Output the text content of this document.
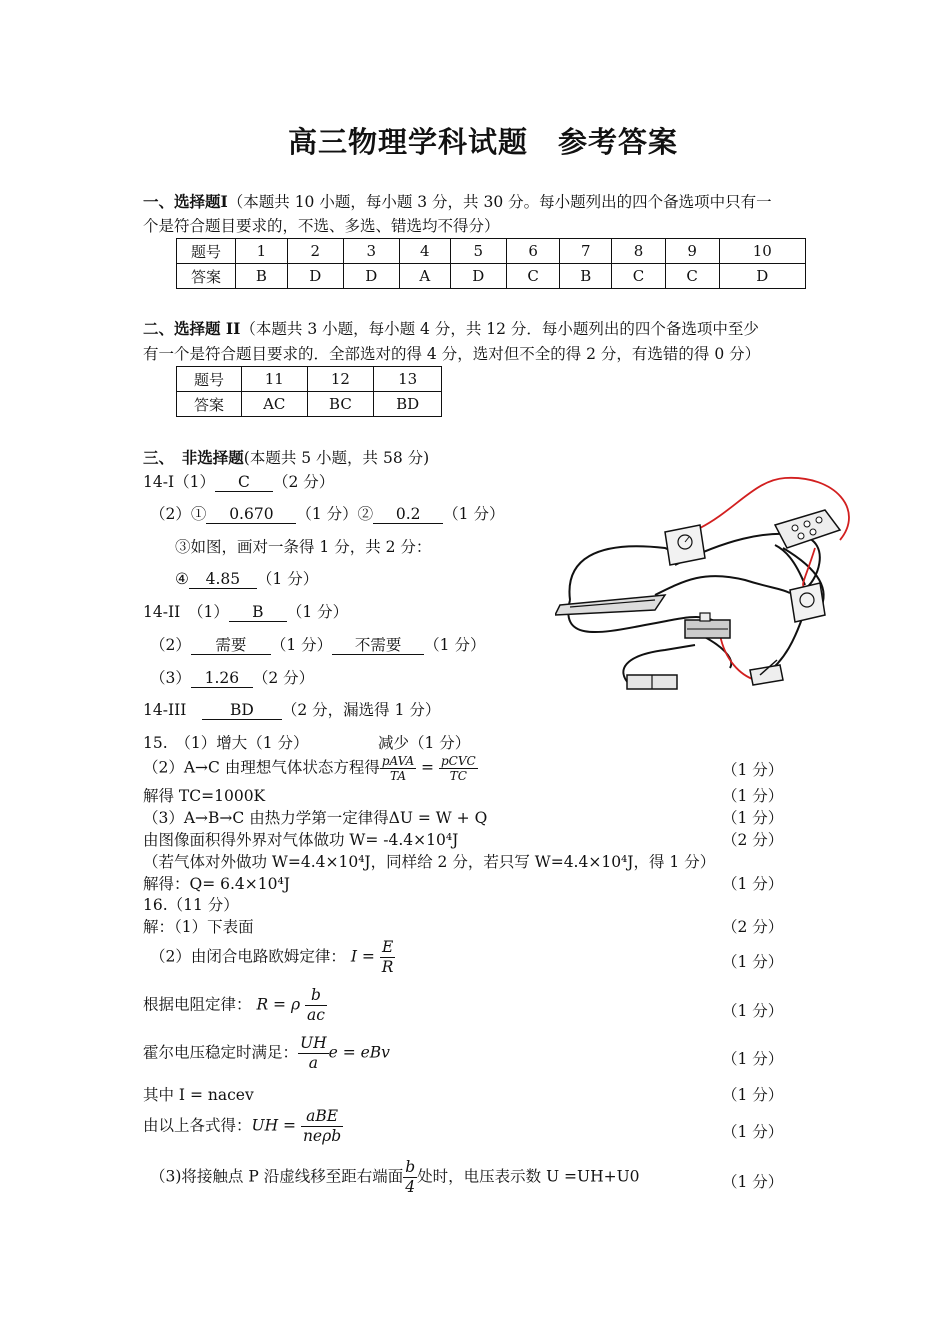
高三物理学科试题　参考答案
一、选择题Ⅰ（本题共 10 小题，每小题 3 分，共 30 分。每小题列出的四个备选项中只有一
个是符合题目要求的，不选、多选、错选均不得分）
题号	1	2	3	4	5	6	7	8	9	10
答案	B	D	D	A	D	C	B	C	C	D
二、选择题 II（本题共 3 小题，每小题 4 分，共 12 分．每小题列出的四个备选项中至少
有一个是符合题目要求的．全部选对的得 4 分，选对但不全的得 2 分，有选错的得 0 分）
题号	11	12	13
答案	AC	BC	BD
三、　非选择题(本题共 5 小题，共 58 分)
14-I（1） C （2 分）
（2）① 0.670 （1 分）② 0.2 （1 分）
③如图，画对一条得 1 分，共 2 分：
④ 4.85 （1 分）
14-II　（1） B （1 分）
（2） 需要 （1 分） 不需要 （1 分）
（3） 1.26 （2 分）
14-III　	BD （2 分，漏选得 1 分）
15.　（1）增大（1 分）	减少（1 分）
（2）A→C 由理想气体状态方程得 $\frac{\text{pAVA}}{TA} = \frac{\text{pCVC}}{TC}$	（1 分）
解得 TC=1000K	（1 分）
（3）A→B→C 由热力学第一定律得ΔU = W + Q	（1 分）
由图像面积得外界对气体做功 W= -4.4×10⁴J	（2 分）
（若气体对外做功 W=4.4×10⁴J，同样给 2 分，若只写 W=4.4×10⁴J，得 1 分）
解得：Q= 6.4×10⁴J	（1 分）
16.（11 分）
解：（1）下表面	（2 分）
（2）由闭合电路欧姆定律： $I = \frac{E}{R}$	（1 分）
根据电阻定律： R = ρ $\frac{b}{ac}$	（1 分）
霍尔电压稳定时满足： $\frac{UH}{a}$ e = eBv	（1 分）
其中 I = nacev	（1 分）
由以上各式得：UH = $\frac{\text{aBE}}{\text{neρb}}$	（1 分）
（3)将接触点 P 沿虚线移至距右端面 $\frac{b}{4}$ 处时，电压表示数 U =UH+U0	（1 分）
